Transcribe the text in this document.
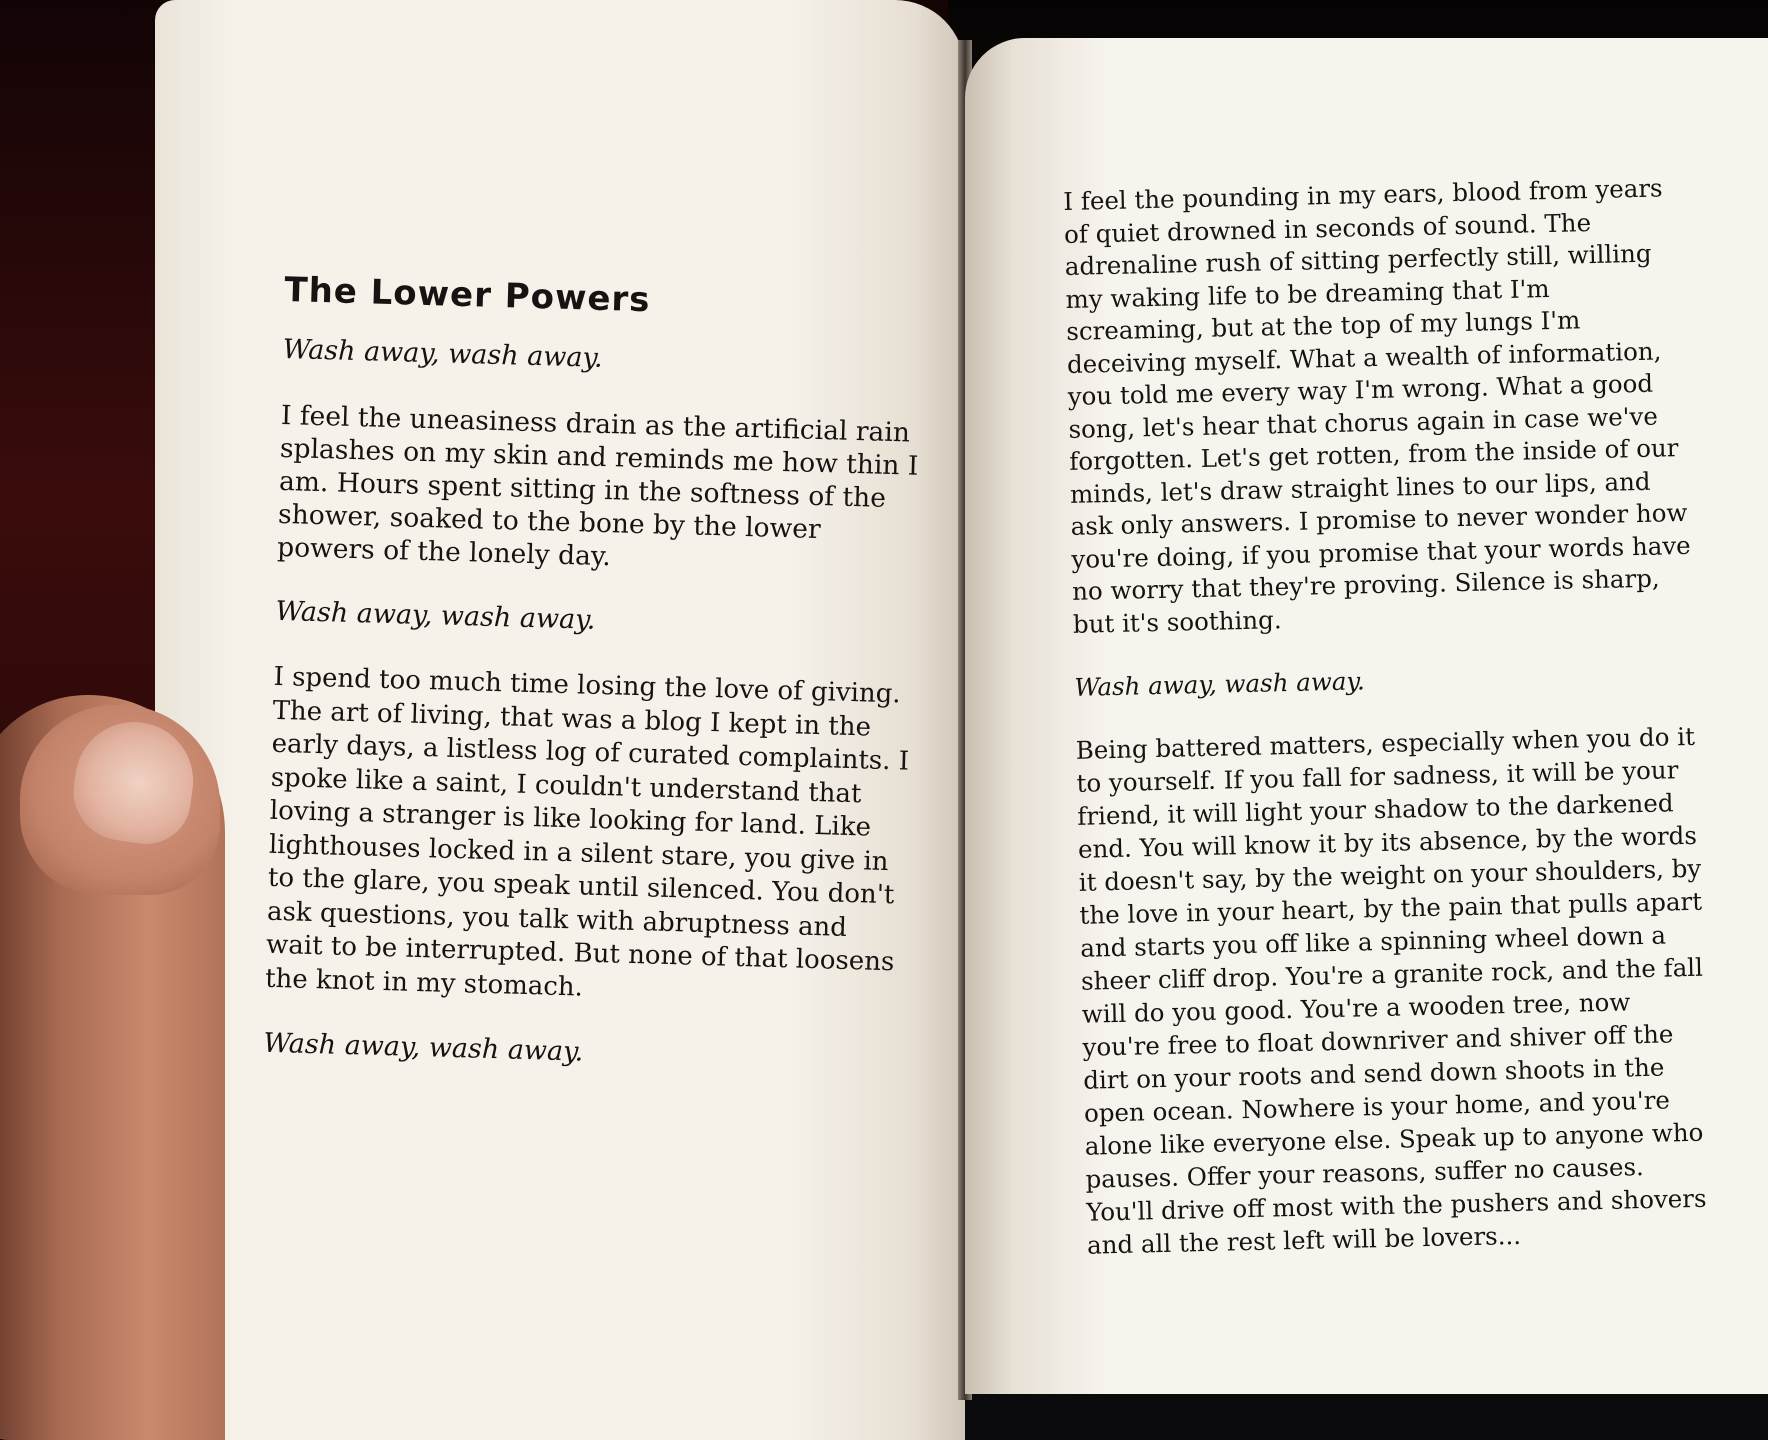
The Lower Powers
Wash away, wash away.
I feel the uneasiness drain as the artificial rain splashes on my skin and reminds me how thin I am. Hours spent sitting in the softness of the shower, soaked to the bone by the lower powers of the lonely day.
Wash away, wash away.
I spend too much time losing the love of giving. The art of living, that was a blog I kept in the early days, a listless log of curated complaints. I spoke like a saint, I couldn't understand that loving a stranger is like looking for land. Like lighthouses locked in a silent stare, you give in to the glare, you speak until silenced. You don't ask questions, you talk with abruptness and wait to be interrupted. But none of that loosens the knot in my stomach.
Wash away, wash away.
I feel the pounding in my ears, blood from years of quiet drowned in seconds of sound. The adrenaline rush of sitting perfectly still, willing my waking life to be dreaming that I'm screaming, but at the top of my lungs I'm deceiving myself. What a wealth of information, you told me every way I'm wrong. What a good song, let's hear that chorus again in case we've forgotten. Let's get rotten, from the inside of our minds, let's draw straight lines to our lips, and ask only answers. I promise to never wonder how you're doing, if you promise that your words have no worry that they're proving. Silence is sharp, but it's soothing.
Wash away, wash away.
Being battered matters, especially when you do it to yourself. If you fall for sadness, it will be your friend, it will light your shadow to the darkened end. You will know it by its absence, by the words it doesn't say, by the weight on your shoulders, by the love in your heart, by the pain that pulls apart and starts you off like a spinning wheel down a sheer cliff drop. You're a granite rock, and the fall will do you good. You're a wooden tree, now you're free to float downriver and shiver off the dirt on your roots and send down shoots in the open ocean. Nowhere is your home, and you're alone like everyone else. Speak up to anyone who pauses. Offer your reasons, suffer no causes. You'll drive off most with the pushers and shovers and all the rest left will be lovers...
